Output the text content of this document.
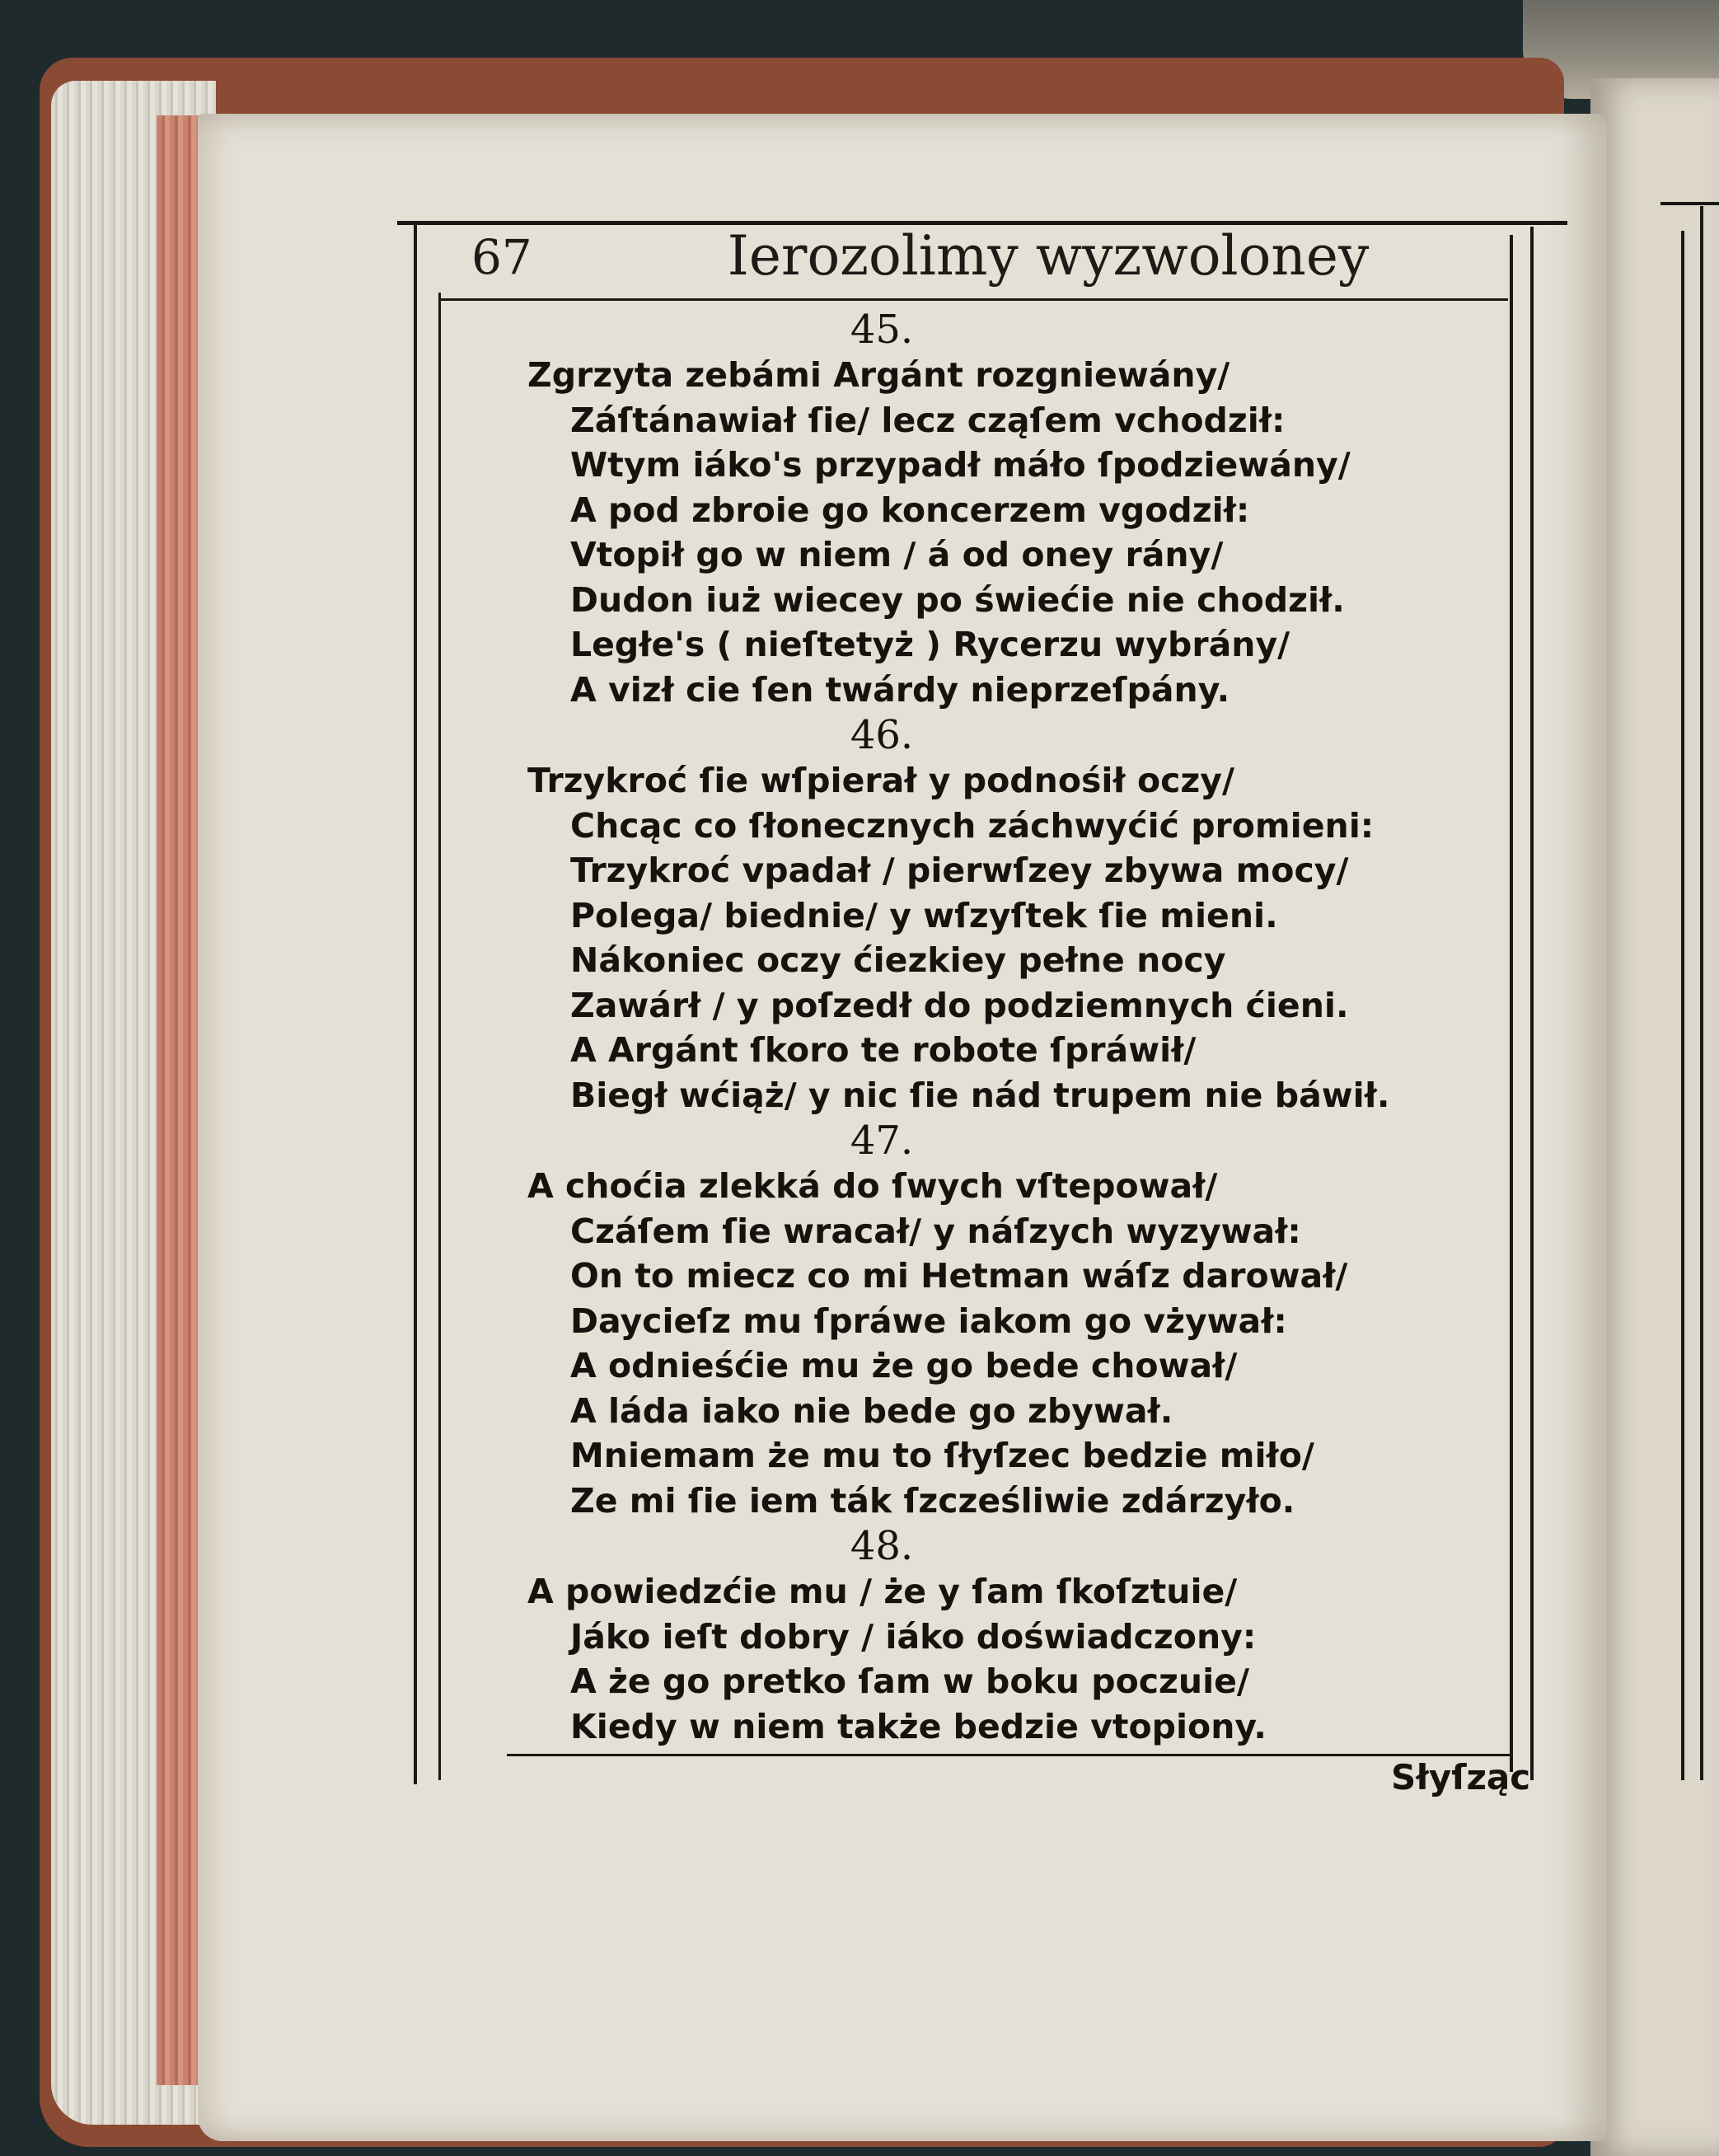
67	Ierozolimy wyzwoloney
45.
Zgrzyta zebámi Argánt rozgniewány/
Záſtánawiał ſie/ lecz cząſem vchodził:
Wtym iáko's przypadł máło ſpodziewány/
A pod zbroie go koncerzem vgodził:
Vtopił go w niem / á od oney rány/
Dudon iuż wiecey po świećie nie chodził.
Ległe's ( nieſtetyż ) Rycerzu wybrány/
A vizł cie ſen twárdy nieprzeſpány.
46.
Trzykroć ſie wſpierał y podnośił oczy/
Chcąc co ſłonecznych záchwyćić promieni:
Trzykroć vpadał / pierwſzey zbywa mocy/
Polega/ biednie/ y wſzyſtek ſie mieni.
Nákoniec oczy ćiezkiey pełne nocy
Zawárł / y poſzedł do podziemnych ćieni.
A Argánt ſkoro te robote ſpráwił/
Biegł wćiąż/ y nic ſie nád trupem nie báwił.
47.
A choćia zlekká do ſwych vſtepował/
Czáſem ſie wracał/ y náſzych wyzywał:
On to miecz co mi Hetman wáſz darował/
Daycieſz mu ſpráwe iakom go vżywał:
A odnieśćie mu że go bede chował/
A láda iako nie bede go zbywał.
Mniemam że mu to ſłyſzec bedzie miło/
Ze mi ſie iem ták ſzcześliwie zdárzyło.
48.
A powiedzćie mu / że y ſam ſkoſztuie/
Jáko ieſt dobry / iáko doświadczony:
A że go pretko ſam w boku poczuie/
Kiedy w niem także bedzie vtopiony.
Słyſząc
